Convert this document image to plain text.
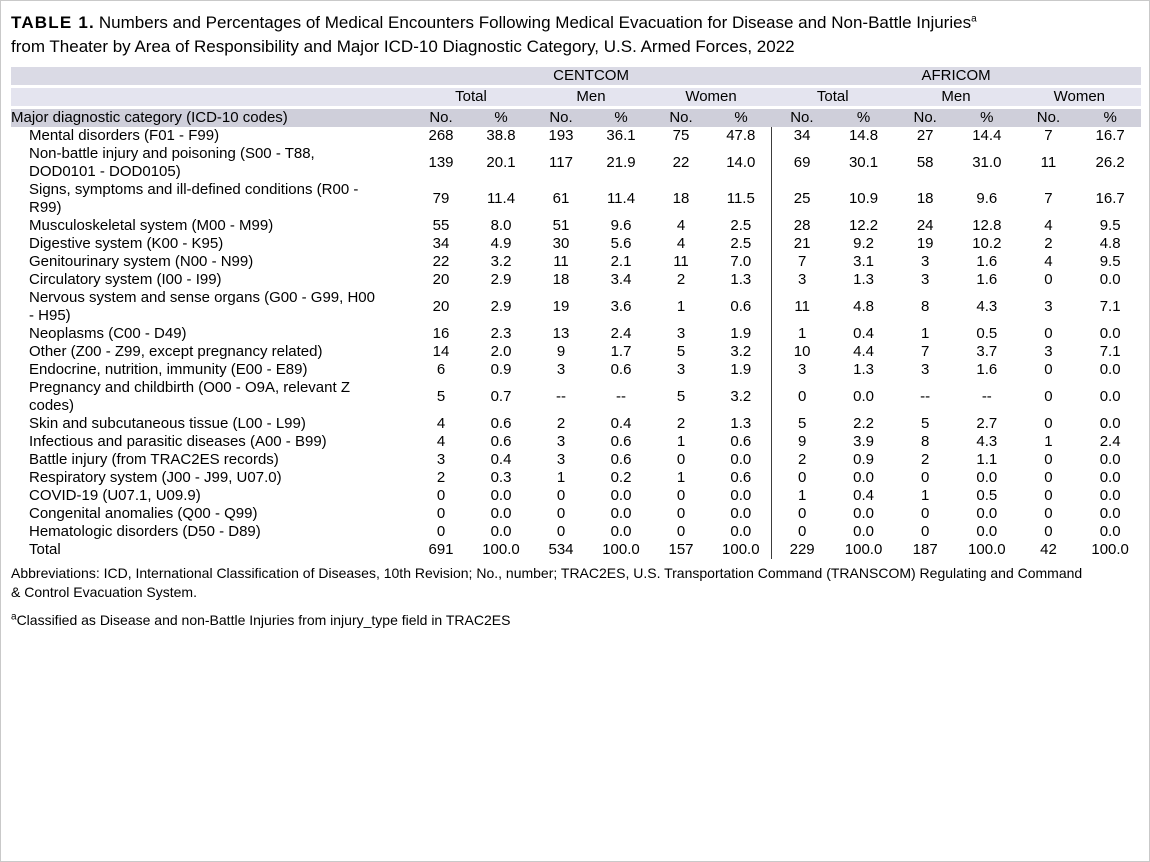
TABLE 1. Numbers and Percentages of Medical Encounters Following Medical Evacuation for Disease and Non-Battle Injuries$^a$
from Theater by Area of Responsibility and Major ICD-10 Diagnostic Category, U.S. Armed Forces, 2022

	CENTCOM						AFRICOM					
	Total		Men		Women		Total		Men		Women	
Major diagnostic category (ICD-10 codes)	No.	%	No.	%	No.	%	No.	%	No.	%	No.	%
Mental disorders (F01 - F99)	268	38.8	193	36.1	75	47.8	34	14.8	27	14.4	7	16.7
Non-battle injury and poisoning (S00 - T88, DOD0101 - DOD0105)	139	20.1	117	21.9	22	14.0	69	30.1	58	31.0	11	26.2
Signs, symptoms and ill-defined conditions (R00 - R99)	79	11.4	61	11.4	18	11.5	25	10.9	18	9.6	7	16.7
Musculoskeletal system (M00 - M99)	55	8.0	51	9.6	4	2.5	28	12.2	24	12.8	4	9.5
Digestive system (K00 - K95)	34	4.9	30	5.6	4	2.5	21	9.2	19	10.2	2	4.8
Genitourinary system (N00 - N99)	22	3.2	11	2.1	11	7.0	7	3.1	3	1.6	4	9.5
Circulatory system (I00 - I99)	20	2.9	18	3.4	2	1.3	3	1.3	3	1.6	0	0.0
Nervous system and sense organs (G00 - G99, H00 - H95)	20	2.9	19	3.6	1	0.6	11	4.8	8	4.3	3	7.1
Neoplasms (C00 - D49)	16	2.3	13	2.4	3	1.9	1	0.4	1	0.5	0	0.0
Other (Z00 - Z99, except pregnancy related)	14	2.0	9	1.7	5	3.2	10	4.4	7	3.7	3	7.1
Endocrine, nutrition, immunity (E00 - E89)	6	0.9	3	0.6	3	1.9	3	1.3	3	1.6	0	0.0
Pregnancy and childbirth (O00 - O9A, relevant Z codes)	5	0.7	--	--	5	3.2	0	0.0	--	--	0	0.0
Skin and subcutaneous tissue (L00 - L99)	4	0.6	2	0.4	2	1.3	5	2.2	5	2.7	0	0.0
Infectious and parasitic diseases (A00 - B99)	4	0.6	3	0.6	1	0.6	9	3.9	8	4.3	1	2.4
Battle injury (from TRAC2ES records)	3	0.4	3	0.6	0	0.0	2	0.9	2	1.1	0	0.0
Respiratory system (J00 - J99, U07.0)	2	0.3	1	0.2	1	0.6	0	0.0	0	0.0	0	0.0
COVID-19 (U07.1, U09.9)	0	0.0	0	0.0	0	0.0	1	0.4	1	0.5	0	0.0
Congenital anomalies (Q00 - Q99)	0	0.0	0	0.0	0	0.0	0	0.0	0	0.0	0	0.0
Hematologic disorders (D50 - D89)	0	0.0	0	0.0	0	0.0	0	0.0	0	0.0	0	0.0
Total	691	100.0	534	100.0	157	100.0	229	100.0	187	100.0	42	100.0

Abbreviations: ICD, International Classification of Diseases, 10th Revision; No., number; TRAC2ES, U.S. Transportation Command (TRANSCOM) Regulating and Command
& Control Evacuation System.

$^a$Classified as Disease and non-Battle Injuries from injury_type field in TRAC2ES
